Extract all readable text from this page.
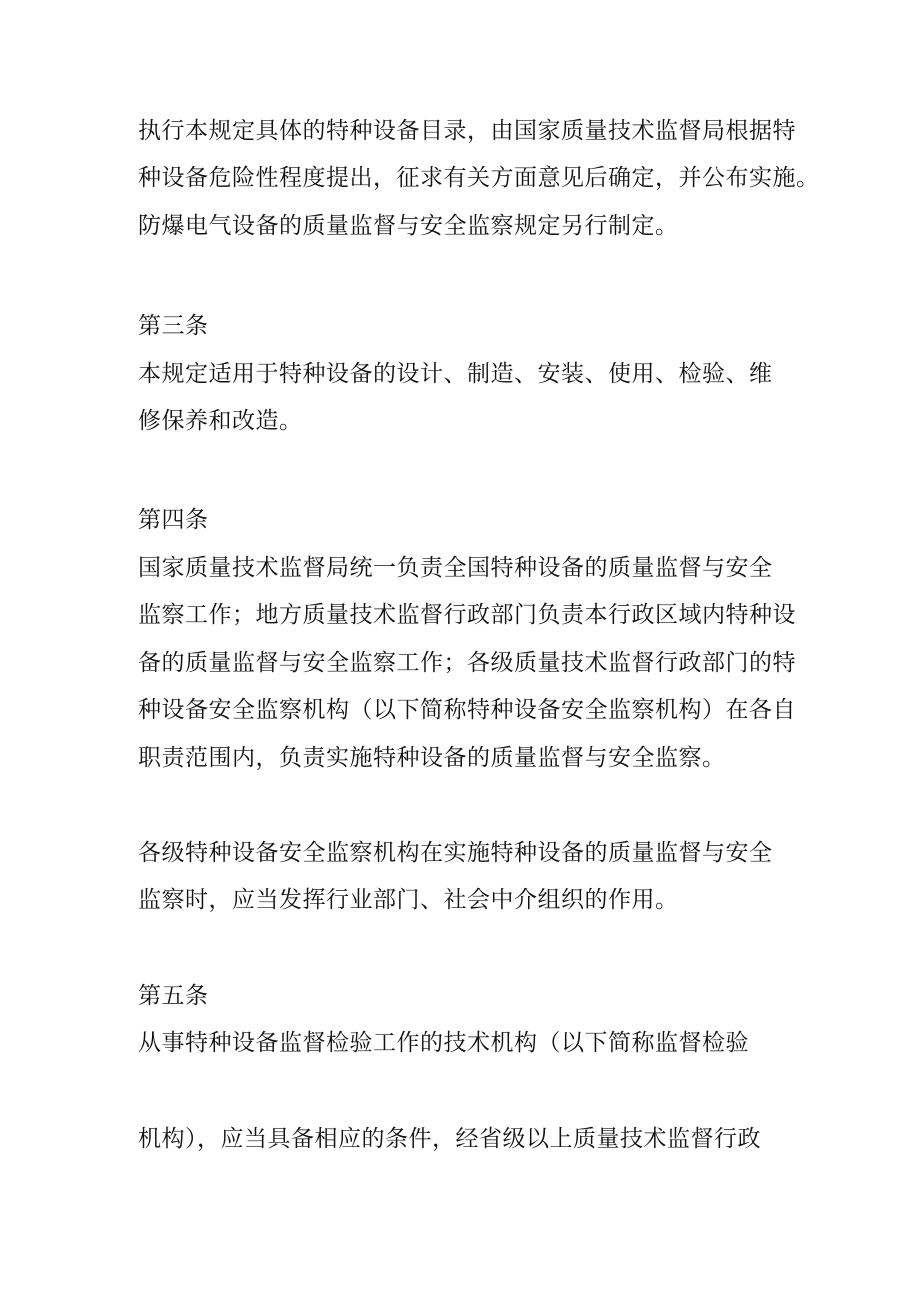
执行本规定具体的特种设备目录，由国家质量技术监督局根据特
种设备危险性程度提出，征求有关方面意见后确定，并公布实施。
防爆电气设备的质量监督与安全监察规定另行制定。
第三条
本规定适用于特种设备的设计、制造、安装、使用、检验、维
修保养和改造。
第四条
国家质量技术监督局统一负责全国特种设备的质量监督与安全
监察工作；地方质量技术监督行政部门负责本行政区域内特种设
备的质量监督与安全监察工作；各级质量技术监督行政部门的特
种设备安全监察机构（以下简称特种设备安全监察机构）在各自
职责范围内，负责实施特种设备的质量监督与安全监察。
各级特种设备安全监察机构在实施特种设备的质量监督与安全
监察时，应当发挥行业部门、社会中介组织的作用。
第五条
从事特种设备监督检验工作的技术机构（以下简称监督检验
机构），应当具备相应的条件，经省级以上质量技术监督行政
